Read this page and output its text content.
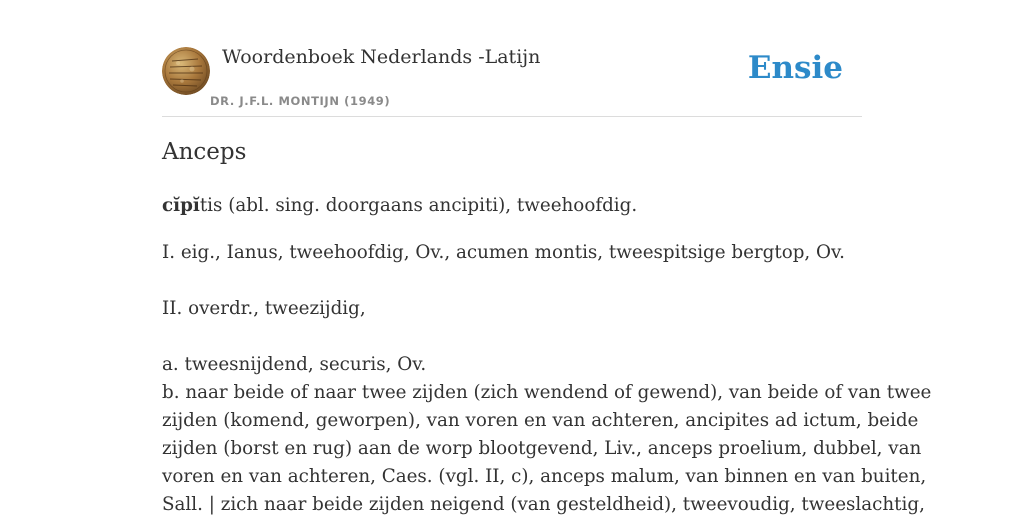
Woordenboek Nederlands -Latijn
DR. J.F.L. MONTIJN (1949)
Ensie
Anceps

cĭpĭtis (abl. sing. doorgaans ancipiti), tweehoofdig.

I. eig., Ianus, tweehoofdig, Ov., acumen montis, tweespitsige bergtop, Ov.

II. overdr., tweezijdig,

a. tweesnijdend, securis, Ov.

b. naar beide of naar twee zijden (zich wendend of gewend), van beide of van twee
zijden (komend, geworpen), van voren en van achteren, ancipites ad ictum, beide
zijden (borst en rug) aan de worp blootgevend, Liv., anceps proelium, dubbel, van
voren en van achteren, Caes. (vgl. II, c), anceps malum, van binnen en van buiten,
Sall. | zich naar beide zijden neigend (van gesteldheid), tweevoudig, tweeslachtig,
